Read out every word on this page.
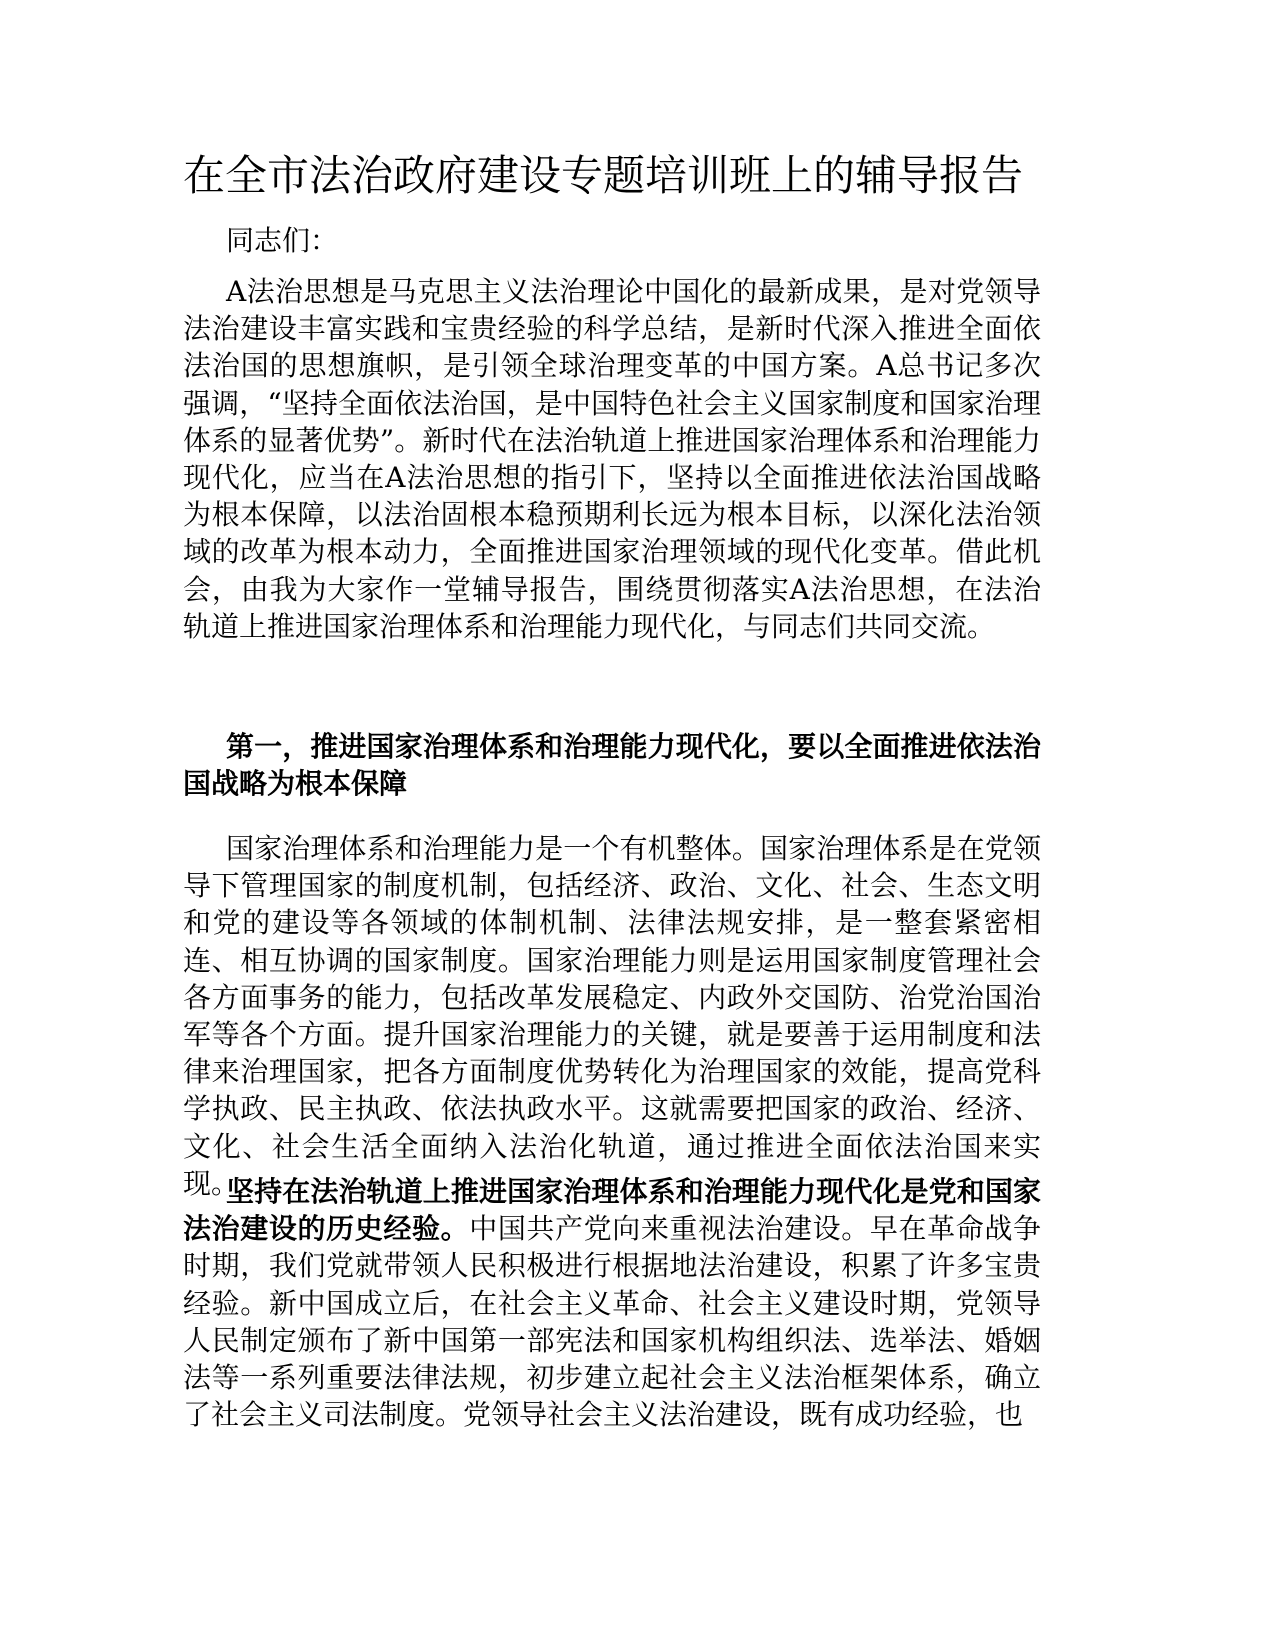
在全市法治政府建设专题培训班上的辅导报告

同志们：

A法治思想是马克思主义法治理论中国化的最新成果，是对党领导法治建设丰富实践和宝贵经验的科学总结，是新时代深入推进全面依法治国的思想旗帜，是引领全球治理变革的中国方案。A总书记多次强调，“坚持全面依法治国，是中国特色社会主义国家制度和国家治理体系的显著优势”。新时代在法治轨道上推进国家治理体系和治理能力现代化，应当在A法治思想的指引下，坚持以全面推进依法治国战略为根本保障，以法治固根本稳预期利长远为根本目标，以深化法治领域的改革为根本动力，全面推进国家治理领域的现代化变革。借此机会，由我为大家作一堂辅导报告，围绕贯彻落实A法治思想，在法治轨道上推进国家治理体系和治理能力现代化，与同志们共同交流。

第一，推进国家治理体系和治理能力现代化，要以全面推进依法治国战略为根本保障

国家治理体系和治理能力是一个有机整体。国家治理体系是在党领导下管理国家的制度机制，包括经济、政治、文化、社会、生态文明和党的建设等各领域的体制机制、法律法规安排，是一整套紧密相连、相互协调的国家制度。国家治理能力则是运用国家制度管理社会各方面事务的能力，包括改革发展稳定、内政外交国防、治党治国治军等各个方面。提升国家治理能力的关键，就是要善于运用制度和法律来治理国家，把各方面制度优势转化为治理国家的效能，提高党科学执政、民主执政、依法执政水平。这就需要把国家的政治、经济、文化、社会生活全面纳入法治化轨道，通过推进全面依法治国来实现。

坚持在法治轨道上推进国家治理体系和治理能力现代化是党和国家法治建设的历史经验。中国共产党向来重视法治建设。早在革命战争时期，我们党就带领人民积极进行根据地法治建设，积累了许多宝贵经验。新中国成立后，在社会主义革命、社会主义建设时期，党领导人民制定颁布了新中国第一部宪法和国家机构组织法、选举法、婚姻法等一系列重要法律法规，初步建立起社会主义法治框架体系，确立了社会主义司法制度。党领导社会主义法治建设，既有成功经验，也
